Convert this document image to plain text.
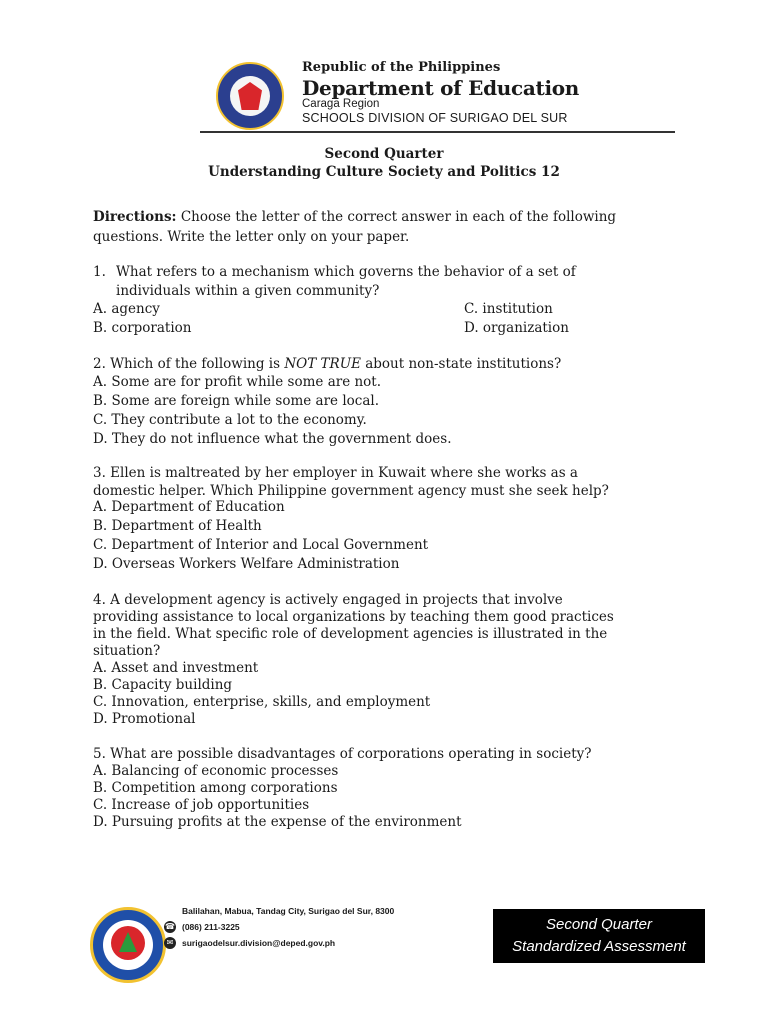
Republic of the Philippines
Department of Education
Caraga Region
SCHOOLS DIVISION OF SURIGAO DEL SUR
Second Quarter
Understanding Culture Society and Politics 12
Directions: Choose the letter of the correct answer in each of the following
questions. Write the letter only on your paper.
1. What refers to a mechanism which governs the behavior of a set of
individuals within a given community?
A. agency	C. institution
B. corporation	D. organization
2. Which of the following is NOT TRUE about non-state institutions?
A. Some are for profit while some are not.
B. Some are foreign while some are local.
C. They contribute a lot to the economy.
D. They do not influence what the government does.
3. Ellen is maltreated by her employer in Kuwait where she works as a
domestic helper. Which Philippine government agency must she seek help?
A. Department of Education
B. Department of Health
C. Department of Interior and Local Government
D. Overseas Workers Welfare Administration
4. A development agency is actively engaged in projects that involve
providing assistance to local organizations by teaching them good practices
in the field. What specific role of development agencies is illustrated in the
situation?
A. Asset and investment
B. Capacity building
C. Innovation, enterprise, skills, and employment
D. Promotional
5. What are possible disadvantages of corporations operating in society?
A. Balancing of economic processes
B. Competition among corporations
C. Increase of job opportunities
D. Pursuing profits at the expense of the environment
Balilahan, Mabua, Tandag City, Surigao del Sur, 8300
☎ (086) 211-3225
✉	surigaodelsur.division@deped.gov.ph
Second Quarter
Standardized Assessment
